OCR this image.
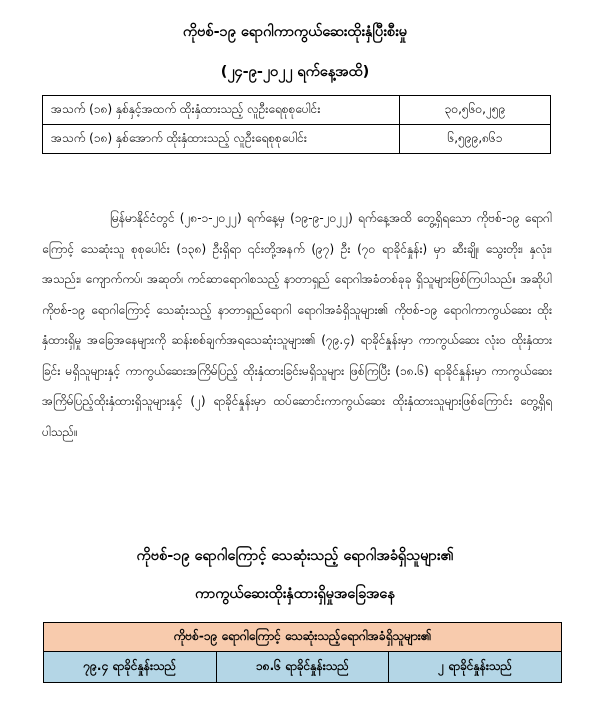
ကိုဗစ်-၁၉ ရောဂါကာကွယ်ဆေးထိုးနှံပြီးစီးမှု
(၂၄-၉-၂၀၂၂ ရက်နေ့အထိ)
အသက် (၁၈) နှစ်နှင့်အထက် ထိုးနှံထားသည့် လူဦးရေစုစုပေါင်း	၃၀,၅၆၀,၂၅၉
အသက် (၁၈) နှစ်အောက် ထိုးနှံထားသည့် လူဦးရေစုစုပေါင်း	၆,၅၉၉,၈၆၁
မြန်မာနိုင်ငံတွင် (၂၈-၁-၂၀၂၂) ရက်နေ့မှ (၁၉-၉-၂၀၂၂) ရက်နေ့အထိ တွေ့ရှိရသော ကိုဗစ်-၁၉ ရောဂါကြောင့် သေဆုံးသူ စုစုပေါင်း (၁၃၈) ဦးရှိရာ ၎င်းတို့အနက် (၉၇) ဦး (၇၀ ရာခိုင်နှုန်း) မှာ ဆီးချို၊ သွေးတိုး၊ နှလုံး၊ အသည်း၊ ကျောက်ကပ်၊ အဆုတ်၊ ကင်ဆာရောဂါစသည့် နာတာရှည် ရောဂါအခံတစ်ခုခု ရှိသူများဖြစ်ကြပါသည်။ အဆိုပါ ကိုဗစ်-၁၉ ရောဂါကြောင့် သေဆုံးသည့် နာတာရှည်ရောဂါ ရောဂါအခံရှိသူများ၏ ကိုဗစ်-၁၉ ရောဂါကာကွယ်ဆေး ထိုးနှံထားရှိမှု အခြေအနေများကို ဆန်းစစ်ချက်အရသေဆုံးသူများ၏ (၇၉.၄) ရာခိုင်နှုန်းမှာ ကာကွယ်ဆေး လုံးဝ ထိုးနှံထားခြင်း မရှိသူများနှင့် ကာကွယ်ဆေးအကြိမ်ပြည့် ထိုးနှံထားခြင်းမရှိသူများ ဖြစ်ကြပြီး (၁၈.၆) ရာခိုင်နှုန်းမှာ ကာကွယ်ဆေး အကြိမ်ပြည့်ထိုးနှံထားရှိသူများနှင့် (၂) ရာခိုင်နှုန်းမှာ ထပ်ဆောင်းကာကွယ်ဆေး ထိုးနှံထားသူများဖြစ်ကြောင်း တွေ့ရှိရပါသည်။
ကိုဗစ်-၁၉ ရောဂါကြောင့် သေဆုံးသည့် ရောဂါအခံရှိသူများ၏
ကာကွယ်ဆေးထိုးနှံထားရှိမှုအခြေအနေ
ကိုဗစ်-၁၉ ရောဂါကြောင့် သေဆုံးသည့်ရောဂါအခံရှိသူများ၏
၇၉.၄ ရာခိုင်နှုန်းသည်	၁၈.၆ ရာခိုင်နှုန်းသည်	၂ ရာခိုင်နှုန်းသည်
